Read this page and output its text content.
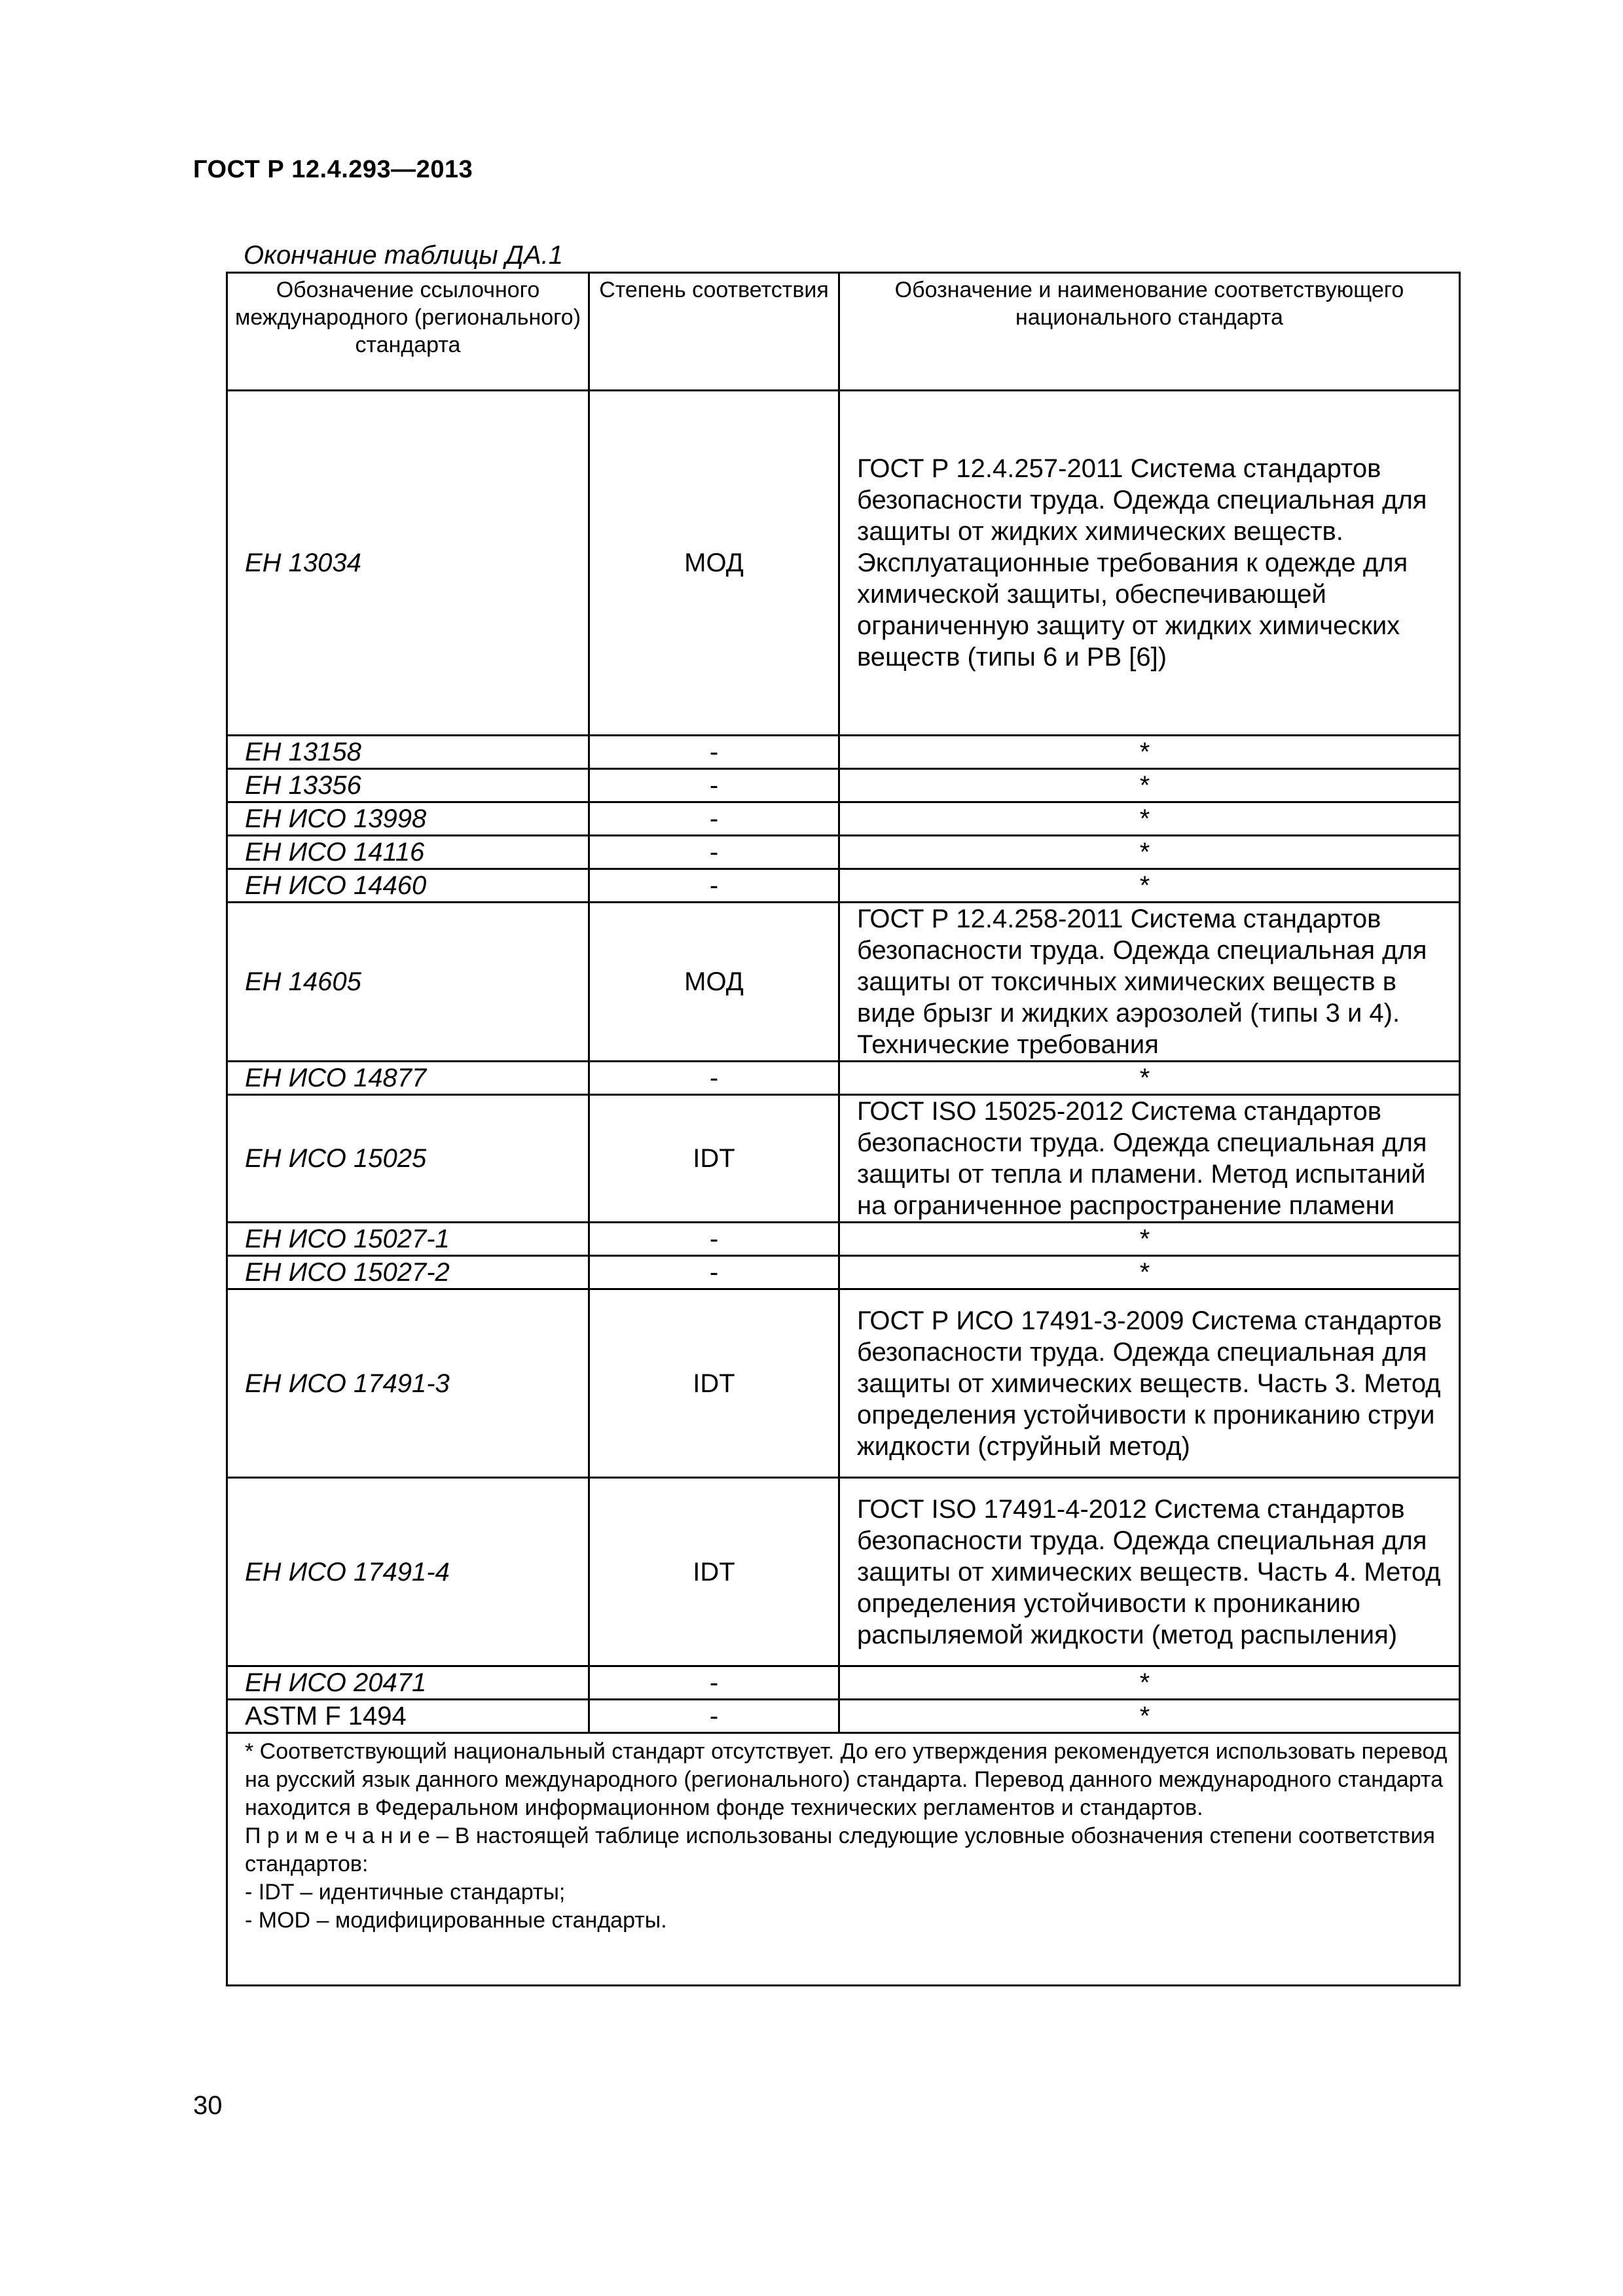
ГОСТ Р 12.4.293—2013
Окончание таблицы ДА.1
Обозначение ссылочного международного (регионального) стандарта	Степень соответствия	Обозначение и наименование соответствующего национального стандарта
ЕН 13034	МОД	ГОСТ Р 12.4.257-2011 Система стандартов безопасности труда. Одежда специальная для защиты от жидких химических веществ. Эксплуатационные требования к одежде для химической защиты, обеспечивающей ограниченную защиту от жидких химических веществ (типы 6 и РВ [6])
ЕН 13158	-	*
ЕН 13356	-	*
ЕН ИСО 13998	-	*
ЕН ИСО 14116	-	*
ЕН ИСО 14460	-	*
ЕН 14605	МОД	ГОСТ Р 12.4.258-2011 Система стандартов безопасности труда. Одежда специальная для защиты от токсичных химических веществ в виде брызг и жидких аэрозолей (типы 3 и 4). Технические требования
ЕН ИСО 14877	-	*
ЕН ИСО 15025	IDT	ГОСТ ISO 15025-2012 Система стандартов безопасности труда. Одежда специальная для защиты от тепла и пламени. Метод испытаний на ограниченное распространение пламени
ЕН ИСО 15027-1	-	*
ЕН ИСО 15027-2	-	*
ЕН ИСО 17491-3	IDT	ГОСТ Р ИСО 17491-3-2009 Система стандартов безопасности труда. Одежда специальная для защиты от химических веществ. Часть 3. Метод определения устойчивости к прониканию струи жидкости (струйный метод)
ЕН ИСО 17491-4	IDT	ГОСТ ISO 17491-4-2012 Система стандартов безопасности труда. Одежда специальная для защиты от химических веществ. Часть 4. Метод определения устойчивости к прониканию распыляемой жидкости (метод распыления)
ЕН ИСО 20471	-	*
ASTM F 1494	-	*

* Соответствующий национальный стандарт отсутствует. До его утверждения рекомендуется использовать перевод на русский язык данного международного (регионального) стандарта. Перевод данного международного стандарта находится в Федеральном информационном фонде технических регламентов и стандартов.
П р и м е ч а н и е – В настоящей таблице использованы следующие условные обозначения степени соответствия стандартов:
- IDT – идентичные стандарты;
- MOD – модифицированные стандарты.		
30
